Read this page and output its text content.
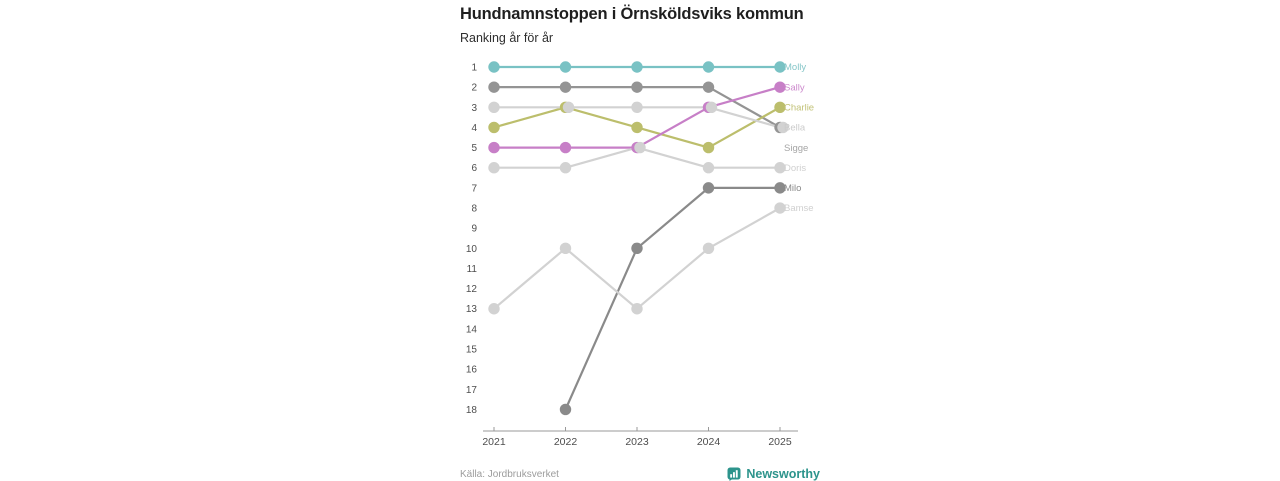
Hundnamnstoppen i Örnsköldsviks kommun
Ranking år för år
1
2
3
4
5
6
7
8
9
10
11
12
13
14
15
16
17
18
2021	2022	2023	2024	2025
Molly
Sigge
Charlie
Sally
Doris
Milo
Bamse
Bella
Källa: Jordbruksverket	Newsworthy
